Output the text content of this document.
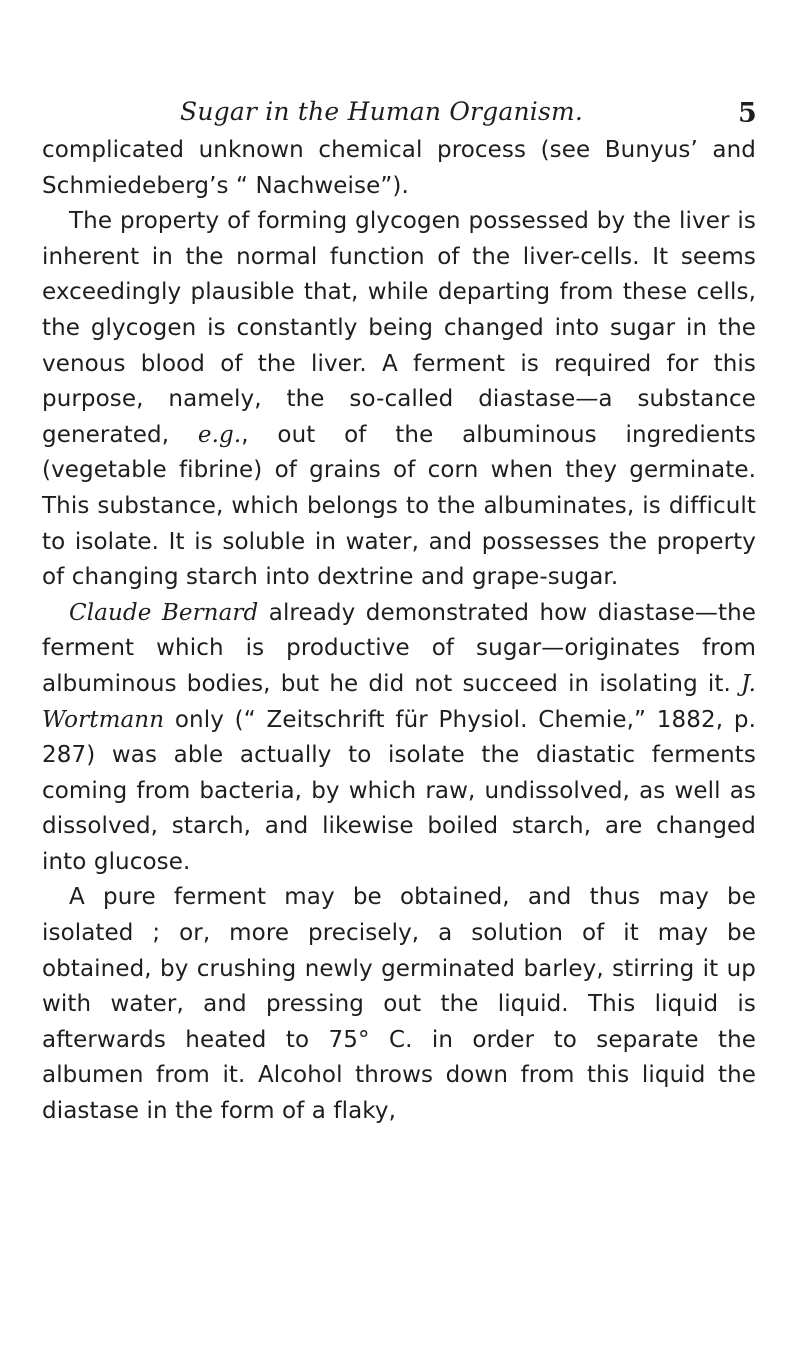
Sugar in the Human Organism.	5

complicated unknown chemical process (see Bunyus’ and Schmiedeberg’s “ Nachweise”).

The property of forming glycogen possessed by the liver is inherent in the normal function of the liver-cells. It seems exceedingly plausible that, while departing from these cells, the glycogen is constantly being changed into sugar in the venous blood of the liver. A ferment is required for this purpose, namely, the so-called diastase—a substance generated, e.g., out of the albuminous ingredients (vegetable fibrine) of grains of corn when they germinate. This substance, which belongs to the albuminates, is difficult to isolate. It is soluble in water, and possesses the property of changing starch into dextrine and grape-sugar.

Claude Bernard already demonstrated how diastase—the ferment which is productive of sugar—originates from albuminous bodies, but he did not succeed in isolating it. J. Wortmann only (“ Zeitschrift für Physiol. Chemie,” 1882, p. 287) was able actually to isolate the diastatic ferments coming from bacteria, by which raw, undissolved, as well as dissolved, starch, and likewise boiled starch, are changed into glucose.

A pure ferment may be obtained, and thus may be isolated ; or, more precisely, a solution of it may be obtained, by crushing newly germinated barley, stirring it up with water, and pressing out the liquid. This liquid is afterwards heated to 75° C. in order to separate the albumen from it. Alcohol throws down from this liquid the diastase in the form of a flaky,
